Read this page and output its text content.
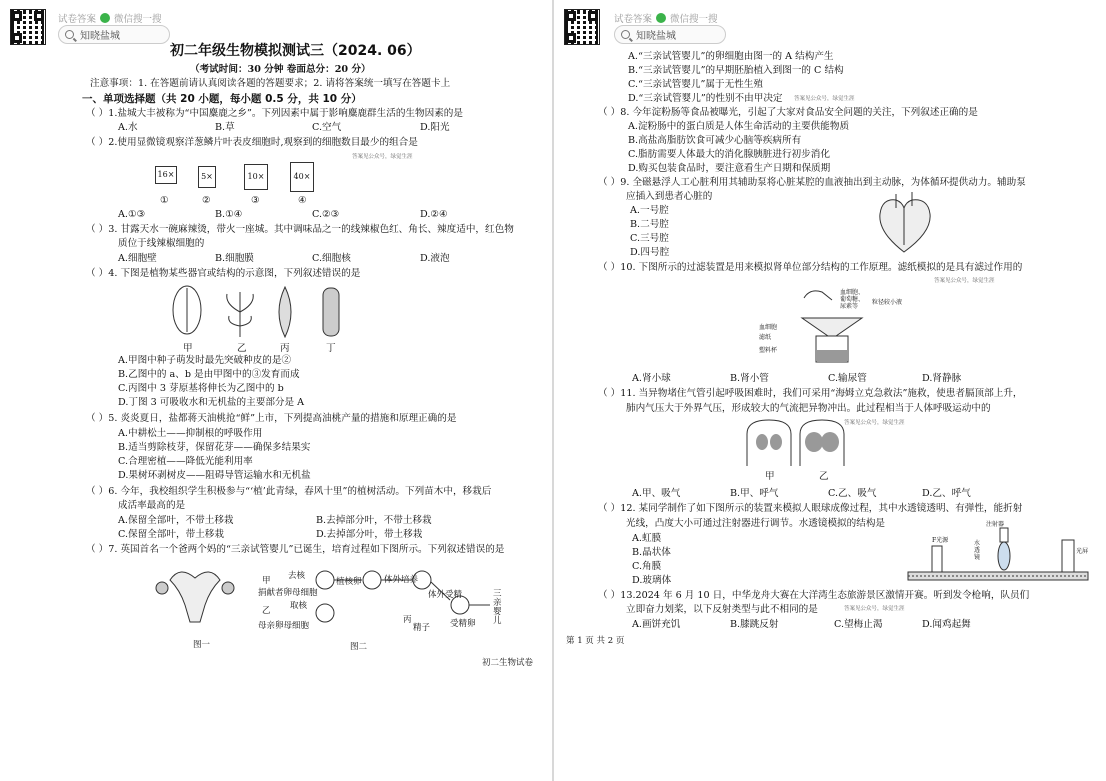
试卷答案 微信搜一搜
知晓盐城
初二年级生物模拟测试三（2024. 06）
（考试时间：30 分钟 卷面总分：20 分）
注意事项：1. 在答题前请认真阅读各题的答题要求；2. 请将答案统一填写在答题卡上
一、单项选择题（共 20 小题，每小题 0.5 分，共 10 分）
（ ）1.盐城大丰被称为“中国麋鹿之乡”。下列因素中属于影响麋鹿群生活的生物因素的是
A.水	B.草	C.空气	D.阳光
（ ）2.使用显微镜观察洋葱鳞片叶表皮细胞时,观察到的细胞数目最少的组合是
答案见公众号，绿觉生涯
16×	5×	10×	40×
①	②	③	④
A.①③	B.①④	C.②③	D.②④
（ ）3. 甘露天水一碗麻辣烫，带火一座城。其中调味品之一的线辣椒色红、角长、辣度适中，红色物
质位于线辣椒细胞的
A.细胞壁	B.细胞膜	C.细胞核	D.液泡
（ ）4. 下图是植物某些器官或结构的示意图，下列叙述错误的是
甲	乙	丙	丁
A.甲图中种子萌发时最先突破种皮的是②
B.乙图中的 a、b 是由甲图中的③发育而成
C.丙图中 3 芽原基将伸长为乙图中的 b
D.丁图 3 可吸收水和无机盐的主要部分是 A
（ ）5. 炎炎夏日，盐都蒋天油桃抢“鲜”上市，下列提高油桃产量的措施和原理正确的是
A.中耕松土——抑制根的呼吸作用
B.适当剪除枝芽，保留花芽——确保多结果实
C.合理密植——降低光能利用率
D.果树环剥树皮——阻碍导管运输水和无机盐
（ ）6. 今年，我校组织学生积极参与“‘植’此青绿，春风十里”的植树活动。下列苗木中，移栽后
成活率最高的是
A.保留全部叶，不带土移栽	B.去掉部分叶，不带土移栽
C.保留全部叶，带土移栽	D.去掉部分叶，带土移栽
（ ）7. 英国首名一个爸两个妈的“三亲试管婴儿”已诞生，培育过程如下图所示。下列叙述错误的是
图一
甲 去核
捐献者卵母细胞
乙 取核
母亲卵母细胞
植核卵	体外培养
体外受精
丙
精子 受精卵
三亲婴儿
图二
初二生物试卷
试卷答案 微信搜一搜
知晓盐城
A.“三亲试管婴儿”的卵细胞由图一的 A 结构产生
B.“三亲试管婴儿”的早期胚胎植入到图一的 C 结构
C.“三亲试管婴儿”属于无性生殖
D.“三亲试管婴儿”的性别不由甲决定 答案见公众号，绿觉生涯
（ ）8. 今年淀粉肠等食品被曝光，引起了大家对食品安全问题的关注，下列叙述正确的是
A.淀粉肠中的蛋白质是人体生命活动的主要供能物质
B.高盐高脂肪饮食可减少心脑等疾病所有
C.脂肪需要人体最大的消化腺胰脏进行初步消化
D.购买包装食品时，要注意看生产日期和保质期
（ ）9. 全磁悬浮人工心脏利用其辅助泵将心脏某腔的血液抽出到主动脉，为体循环提供动力。辅助泵
应插入到患者心脏的
A.一号腔
B.二号腔
C.三号腔
D.四号腔
（ ）10. 下图所示的过滤装置是用来模拟肾单位部分结构的工作原理。滤纸模拟的是具有滤过作用的
答案见公众号，绿觉生涯
血细胞、葡萄糖、尿素等
粒径较小液
血细胞
滤纸
塑料杯
A.肾小球	B.肾小管	C.输尿管	D.肾静脉
（ ）11. 当异物堵住气管引起呼吸困难时，我们可采用“海姆立克急救法”施救，使患者膈顶部上升，
肺内气压大于外界气压，形成较大的气流把异物冲出。此过程相当于人体呼吸运动中的
答案见公众号，绿觉生涯
甲	乙
A.甲、吸气	B.甲、呼气	C.乙、吸气	D.乙、呼气
（ ）12. 某同学制作了如下图所示的装置来模拟人眼球成像过程，其中水透镜透明、有弹性，能折射
光线，凸度大小可通过注射器进行调节。水透镜模拟的结构是
A.虹膜
B.晶状体
C.角膜
D.玻璃体
F光源
注射器
水透镜
光屏
（ ）13.2024 年 6 月 10 日，中华龙舟大赛在大洋湾生态旅游景区激情开赛。听到发令枪响，队员们
立即奋力划桨，以下反射类型与此不相同的是	答案见公众号，绿觉生涯
A.画饼充饥	B.膝跳反射	C.望梅止渴	D.闻鸡起舞
第 1 页 共 2 页
